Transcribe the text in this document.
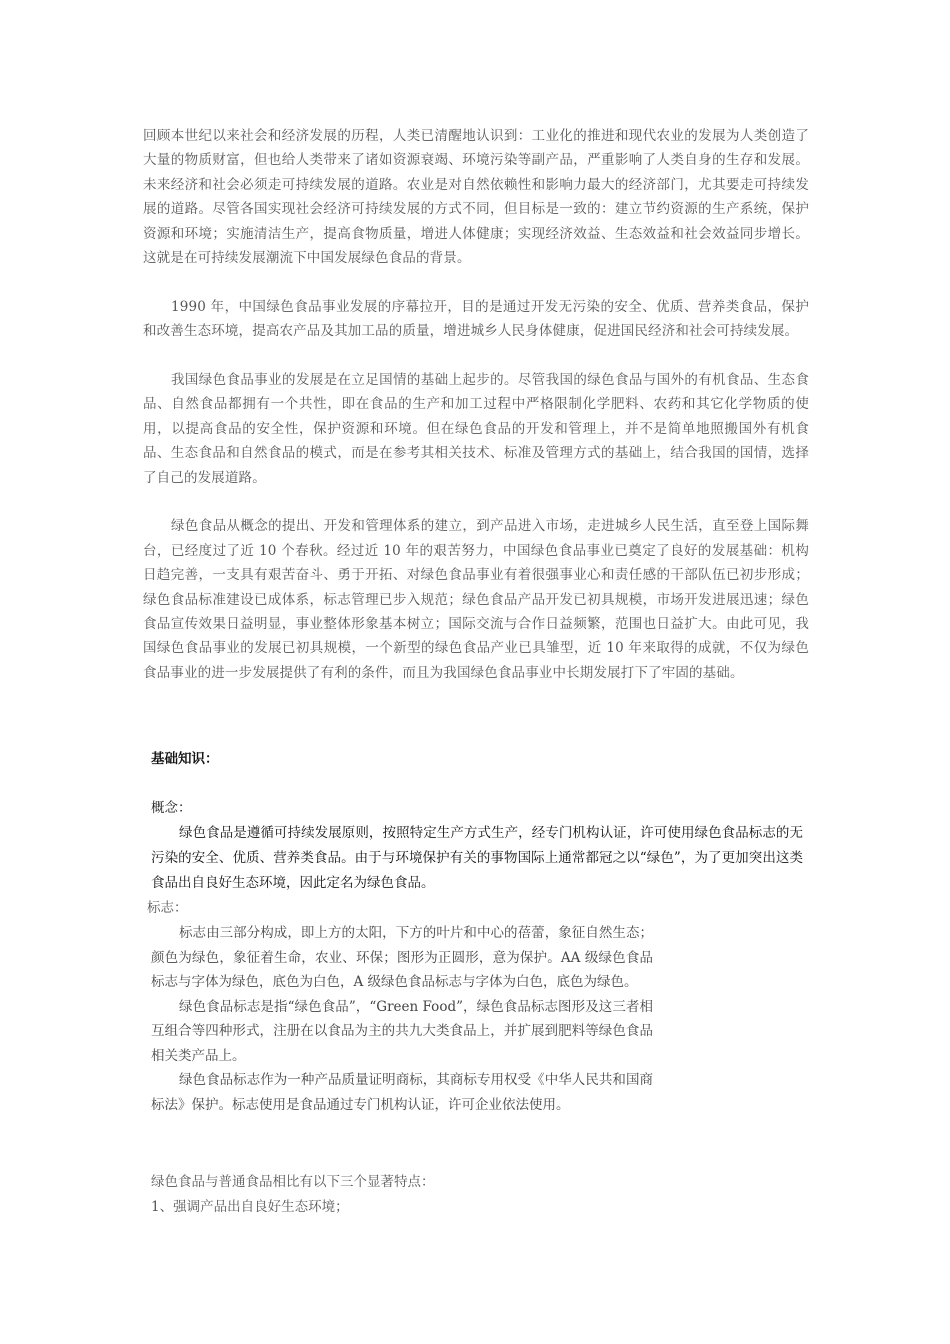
回顾本世纪以来社会和经济发展的历程，人类已清醒地认识到：工业化的推进和现代农业的发展为人类创造了大量的物质财富，但也给人类带来了诸如资源衰竭、环境污染等副产品，严重影响了人类自身的生存和发展。未来经济和社会必须走可持续发展的道路。农业是对自然依赖性和影响力最大的经济部门，尤其要走可持续发展的道路。尽管各国实现社会经济可持续发展的方式不同，但目标是一致的：建立节约资源的生产系统，保护资源和环境；实施清洁生产，提高食物质量，增进人体健康；实现经济效益、生态效益和社会效益同步增长。这就是在可持续发展潮流下中国发展绿色食品的背景。

1990 年，中国绿色食品事业发展的序幕拉开，目的是通过开发无污染的安全、优质、营养类食品，保护和改善生态环境，提高农产品及其加工品的质量，增进城乡人民身体健康，促进国民经济和社会可持续发展。

我国绿色食品事业的发展是在立足国情的基础上起步的。尽管我国的绿色食品与国外的有机食品、生态食品、自然食品都拥有一个共性，即在食品的生产和加工过程中严格限制化学肥料、农药和其它化学物质的使用，以提高食品的安全性，保护资源和环境。但在绿色食品的开发和管理上，并不是简单地照搬国外有机食品、生态食品和自然食品的模式，而是在参考其相关技术、标准及管理方式的基础上，结合我国的国情，选择了自己的发展道路。

绿色食品从概念的提出、开发和管理体系的建立，到产品进入市场，走进城乡人民生活，直至登上国际舞台，已经度过了近 10 个春秋。经过近 10 年的艰苦努力，中国绿色食品事业已奠定了良好的发展基础：机构日趋完善，一支具有艰苦奋斗、勇于开拓、对绿色食品事业有着很强事业心和责任感的干部队伍已初步形成；绿色食品标准建设已成体系，标志管理已步入规范；绿色食品产品开发已初具规模，市场开发进展迅速；绿色食品宣传效果日益明显，事业整体形象基本树立；国际交流与合作日益频繁，范围也日益扩大。由此可见，我国绿色食品事业的发展已初具规模，一个新型的绿色食品产业已具雏型，近 10 年来取得的成就，不仅为绿色食品事业的进一步发展提供了有利的条件，而且为我国绿色食品事业中长期发展打下了牢固的基础。

基础知识：
概念：

绿色食品是遵循可持续发展原则，按照特定生产方式生产，经专门机构认证，许可使用绿色食品标志的无污染的安全、优质、营养类食品。由于与环境保护有关的事物国际上通常都冠之以“绿色”，为了更加突出这类食品出自良好生态环境，因此定名为绿色食品。

标志：

标志由三部分构成，即上方的太阳，下方的叶片和中心的蓓蕾，象征自然生态；颜色为绿色，象征着生命，农业、环保；图形为正圆形，意为保护。AA 级绿色食品标志与字体为绿色，底色为白色，A 级绿色食品标志与字体为白色，底色为绿色。

绿色食品标志是指“绿色食品”，“Green Food”，绿色食品标志图形及这三者相互组合等四种形式，注册在以食品为主的共九大类食品上，并扩展到肥料等绿色食品相关类产品上。

绿色食品标志作为一种产品质量证明商标，其商标专用权受《中华人民共和国商标法》保护。标志使用是食品通过专门机构认证，许可企业依法使用。

绿色食品与普通食品相比有以下三个显著特点：
1、强调产品出自良好生态环境；
